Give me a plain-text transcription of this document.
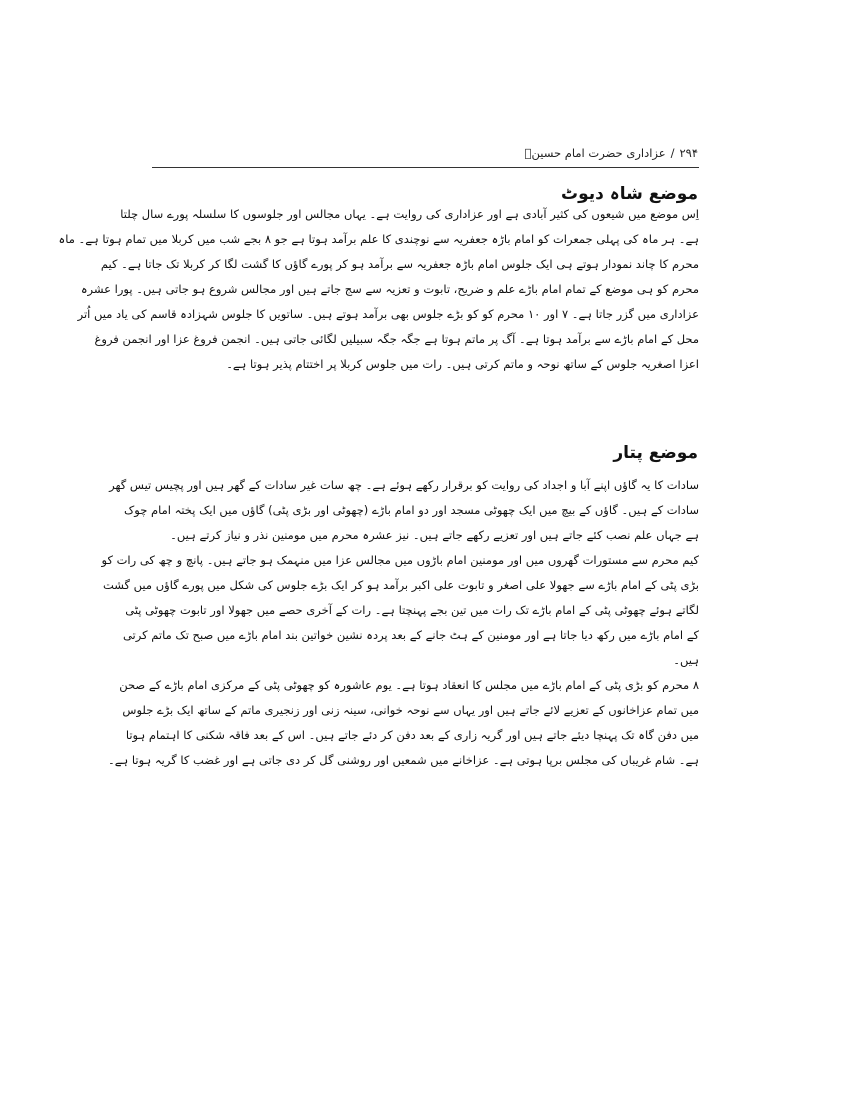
۲۹۴/عزاداری حضرت امام حسینؑ
موضع شاہ دیوٹ
اِس موضع میں شیعوں کی کثیر آبادی ہے اور عزاداری کی روایت ہے۔ یہاں مجالس اور جلوسوں کا سلسلہ پورے سال چلتا
ہے۔ ہر ماہ کی پہلی جمعرات کو امام باڑہ جعفریہ سے نوچندی کا علم برآمد ہوتا ہے جو ۸ بجے شب میں کربلا میں تمام ہوتا ہے۔ ماہ
محرم کا چاند نمودار ہوتے ہی ایک جلوس امام باڑہ جعفریہ سے برآمد ہو کر پورے گاؤں کا گشت لگا کر کربلا تک جاتا ہے۔ کیم
محرم کو ہی موضع کے تمام امام باڑے علم و ضریح، تابوت و تعزیہ سے سج جاتے ہیں اور مجالس شروع ہو جاتی ہیں۔ پورا عشرہ
عزاداری میں گزر جاتا ہے۔ ۷ اور ۱۰ محرم کو کو بڑے جلوس بھی برآمد ہوتے ہیں۔ ساتویں کا جلوس شہزادہ قاسم کی یاد میں اُتر
محل کے امام باڑے سے برآمد ہوتا ہے۔ آگ پر ماتم ہوتا ہے جگہ جگہ سبیلیں لگائی جاتی ہیں۔ انجمن فروغ عزا اور انجمن فروغ
اعزا اصغریہ جلوس کے ساتھ نوحہ و ماتم کرتی ہیں۔ رات میں جلوس کربلا پر اختتام پذیر ہوتا ہے۔
موضع پتار
سادات کا یہ گاؤں اپنے آبا و اجداد کی روایت کو برقرار رکھے ہوئے ہے۔ چھ سات غیر سادات کے گھر ہیں اور پچیس تیس گھر
سادات کے ہیں۔ گاؤں کے بیچ میں ایک چھوٹی مسجد اور دو امام باڑے (چھوٹی اور بڑی پٹی) گاؤں میں ایک پختہ امام چوک
ہے جہاں علم نصب کئے جاتے ہیں اور تعزیے رکھے جاتے ہیں۔ نیز عشرہ محرم میں مومنین نذر و نیاز کرتے ہیں۔
کیم محرم سے مستورات گھروں میں اور مومنین امام باڑوں میں مجالس عزا میں منہمک ہو جاتے ہیں۔ پانچ و چھ کی رات کو
بڑی پٹی کے امام باڑے سے جھولا علی اصغر و تابوت علی اکبر برآمد ہو کر ایک بڑے جلوس کی شکل میں پورے گاؤں میں گشت
لگاتے ہوئے چھوٹی پٹی کے امام باڑے تک رات میں تین بجے پہنچتا ہے۔ رات کے آخری حصے میں جھولا اور تابوت چھوٹی پٹی
کے امام باڑے میں رکھ دیا جاتا ہے اور مومنین کے ہٹ جانے کے بعد پردہ نشین خواتین بند امام باڑے میں صبح تک ماتم کرتی
ہیں۔
۸ محرم کو بڑی پٹی کے امام باڑے میں مجلس کا انعقاد ہوتا ہے۔ یوم عاشورہ کو چھوٹی پٹی کے مرکزی امام باڑے کے صحن
میں تمام عزاخانوں کے تعزیے لائے جاتے ہیں اور یہاں سے نوحہ خوانی، سینہ زنی اور زنجیری ماتم کے ساتھ ایک بڑے جلوس
میں دفن گاہ تک پہنچا دیئے جاتے ہیں اور گریہ زاری کے بعد دفن کر دئے جاتے ہیں۔ اس کے بعد فاقہ شکنی کا اہتمام ہوتا
ہے۔ شام غریباں کی مجلس برپا ہوتی ہے۔ عزاخانے میں شمعیں اور روشنی گل کر دی جاتی ہے اور غضب کا گریہ ہوتا ہے۔
